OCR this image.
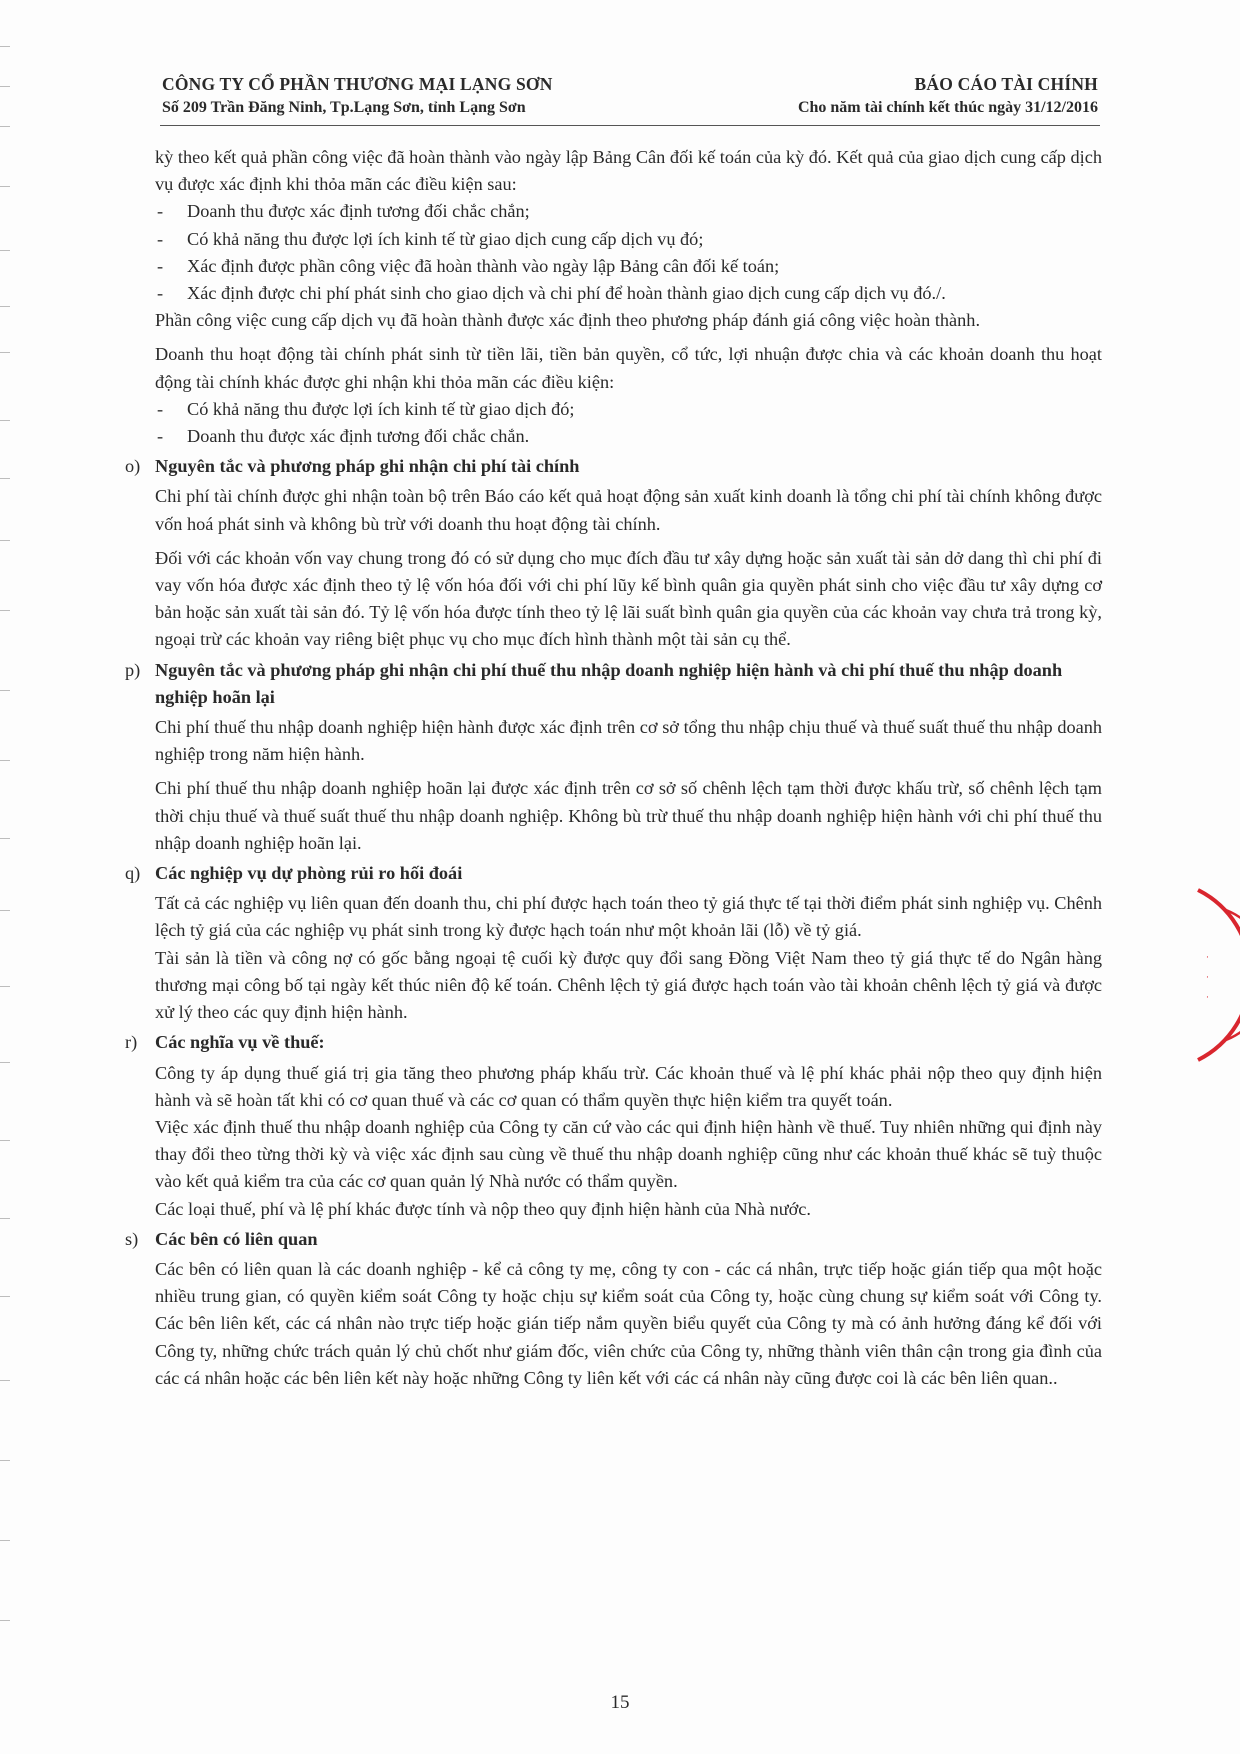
CÔNG TY CỔ PHẦN THƯƠNG MẠI LẠNG SƠN
Số 209 Trần Đăng Ninh, Tp.Lạng Sơn, tỉnh Lạng Sơn
BÁO CÁO TÀI CHÍNH
Cho năm tài chính kết thúc ngày 31/12/2016

kỳ theo kết quả phần công việc đã hoàn thành vào ngày lập Bảng Cân đối kế toán của kỳ đó. Kết quả của giao dịch cung cấp dịch vụ được xác định khi thỏa mãn các điều kiện sau:

-	Doanh thu được xác định tương đối chắc chắn;
-	Có khả năng thu được lợi ích kinh tế từ giao dịch cung cấp dịch vụ đó;
-	Xác định được phần công việc đã hoàn thành vào ngày lập Bảng cân đối kế toán;
-	Xác định được chi phí phát sinh cho giao dịch và chi phí để hoàn thành giao dịch cung cấp dịch vụ đó./.

Phần công việc cung cấp dịch vụ đã hoàn thành được xác định theo phương pháp đánh giá công việc hoàn thành.

Doanh thu hoạt động tài chính phát sinh từ tiền lãi, tiền bản quyền, cổ tức, lợi nhuận được chia và các khoản doanh thu hoạt động tài chính khác được ghi nhận khi thỏa mãn các điều kiện:

-	Có khả năng thu được lợi ích kinh tế từ giao dịch đó;
-	Doanh thu được xác định tương đối chắc chắn.
o) Nguyên tắc và phương pháp ghi nhận chi phí tài chính

Chi phí tài chính được ghi nhận toàn bộ trên Báo cáo kết quả hoạt động sản xuất kinh doanh là tổng chi phí tài chính không được vốn hoá phát sinh và không bù trừ với doanh thu hoạt động tài chính.

Đối với các khoản vốn vay chung trong đó có sử dụng cho mục đích đầu tư xây dựng hoặc sản xuất tài sản dở dang thì chi phí đi vay vốn hóa được xác định theo tỷ lệ vốn hóa đối với chi phí lũy kế bình quân gia quyền phát sinh cho việc đầu tư xây dựng cơ bản hoặc sản xuất tài sản đó. Tỷ lệ vốn hóa được tính theo tỷ lệ lãi suất bình quân gia quyền của các khoản vay chưa trả trong kỳ, ngoại trừ các khoản vay riêng biệt phục vụ cho mục đích hình thành một tài sản cụ thể.

p) Nguyên tắc và phương pháp ghi nhận chi phí thuế thu nhập doanh nghiệp hiện hành và chi phí thuế thu nhập doanh nghiệp hoãn lại

Chi phí thuế thu nhập doanh nghiệp hiện hành được xác định trên cơ sở tổng thu nhập chịu thuế và thuế suất thuế thu nhập doanh nghiệp trong năm hiện hành.

Chi phí thuế thu nhập doanh nghiệp hoãn lại được xác định trên cơ sở số chênh lệch tạm thời được khấu trừ, số chênh lệch tạm thời chịu thuế và thuế suất thuế thu nhập doanh nghiệp. Không bù trừ thuế thu nhập doanh nghiệp hiện hành với chi phí thuế thu nhập doanh nghiệp hoãn lại.

q) Các nghiệp vụ dự phòng rủi ro hối đoái

Tất cả các nghiệp vụ liên quan đến doanh thu, chi phí được hạch toán theo tỷ giá thực tế tại thời điểm phát sinh nghiệp vụ. Chênh lệch tỷ giá của các nghiệp vụ phát sinh trong kỳ được hạch toán như một khoản lãi (lỗ) về tỷ giá.

Tài sản là tiền và công nợ có gốc bằng ngoại tệ cuối kỳ được quy đổi sang Đồng Việt Nam theo tỷ giá thực tế do Ngân hàng thương mại công bố tại ngày kết thúc niên độ kế toán. Chênh lệch tỷ giá được hạch toán vào tài khoản chênh lệch tỷ giá và được xử lý theo các quy định hiện hành.

r) Các nghĩa vụ về thuế:

Công ty áp dụng thuế giá trị gia tăng theo phương pháp khấu trừ. Các khoản thuế và lệ phí khác phải nộp theo quy định hiện hành và sẽ hoàn tất khi có cơ quan thuế và các cơ quan có thẩm quyền thực hiện kiểm tra quyết toán.

Việc xác định thuế thu nhập doanh nghiệp của Công ty căn cứ vào các qui định hiện hành về thuế. Tuy nhiên những qui định này thay đổi theo từng thời kỳ và việc xác định sau cùng về thuế thu nhập doanh nghiệp cũng như các khoản thuế khác sẽ tuỳ thuộc vào kết quả kiểm tra của các cơ quan quản lý Nhà nước có thẩm quyền.

Các loại thuế, phí và lệ phí khác được tính và nộp theo quy định hiện hành của Nhà nước.

s) Các bên có liên quan

Các bên có liên quan là các doanh nghiệp - kể cả công ty mẹ, công ty con - các cá nhân, trực tiếp hoặc gián tiếp qua một hoặc nhiều trung gian, có quyền kiểm soát Công ty hoặc chịu sự kiểm soát của Công ty, hoặc cùng chung sự kiểm soát với Công ty. Các bên liên kết, các cá nhân nào trực tiếp hoặc gián tiếp nắm quyền biểu quyết của Công ty mà có ảnh hưởng đáng kể đối với Công ty, những chức trách quản lý chủ chốt như giám đốc, viên chức của Công ty, những thành viên thân cận trong gia đình của các cá nhân hoặc các bên liên kết này hoặc những Công ty liên kết với các cá nhân này cũng được coi là các bên liên quan..

·
·
·
15
